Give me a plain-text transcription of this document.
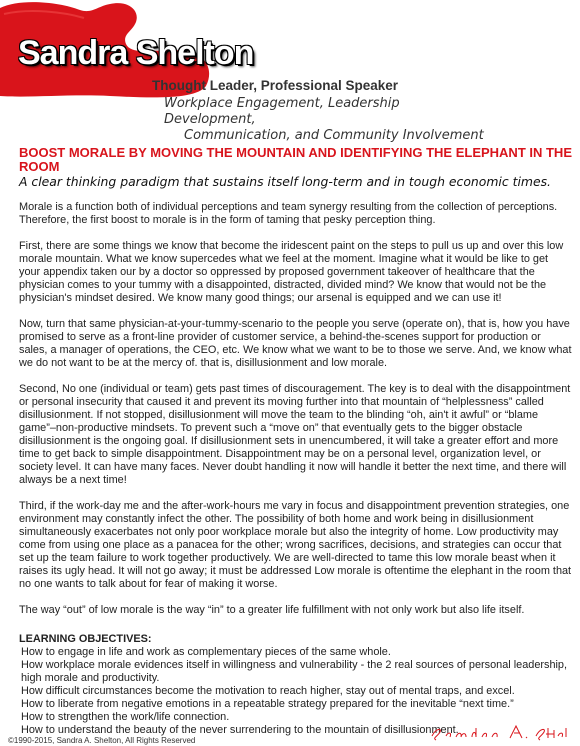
Sandra Shelton
Thought Leader, Professional Speaker
Workplace Engagement, Leadership Development,
Communication, and Community Involvement
BOOST MORALE BY MOVING THE MOUNTAIN AND IDENTIFYING THE ELEPHANT IN THE ROOM

A clear thinking paradigm that sustains itself long-term and in tough economic times.

Morale is a function both of individual perceptions and team synergy resulting from the collection of perceptions. Therefore, the first boost to morale is in the form of taming that pesky perception thing.

First, there are some things we know that become the iridescent paint on the steps to pull us up and over this low morale mountain. What we know supercedes what we feel at the moment. Imagine what it would be like to get your appendix taken our by a doctor so oppressed by proposed government takeover of healthcare that the physician comes to your tummy with a disappointed, distracted, divided mind? We know that would not be the physician's mindset desired. We know many good things; our arsenal is equipped and we can use it!

Now, turn that same physician-at-your-tummy-scenario to the people you serve (operate on), that is, how you have promised to serve as a front-line provider of customer service, a behind-the-scenes support for production or sales, a manager of operations, the CEO, etc. We know what we want to be to those we serve. And, we know what we do not want to be at the mercy of. that is, disillusionment and low morale.

Second, No one (individual or team) gets past times of discouragement. The key is to deal with the disappointment or personal insecurity that caused it and prevent its moving further into that mountain of “helplessness” called disillusionment. If not stopped, disillusionment will move the team to the blinding “oh, ain't it awful” or “blame game”–non-productive mindsets. To prevent such a “move on” that eventually gets to the bigger obstacle disillusionment is the ongoing goal. If disillusionment sets in unencumbered, it will take a greater effort and more time to get back to simple disappointment. Disappointment may be on a personal level, organization level, or society level. It can have many faces. Never doubt handling it now will handle it better the next time, and there will always be a next time!

Third, if the work-day me and the after-work-hours me vary in focus and disappointment prevention strategies, one environment may constantly infect the other. The possibility of both home and work being in disillusionment simultaneously exacerbates not only poor workplace morale but also the integrity of home. Low productivity may come from using one place as a panacea for the other; wrong sacrifices, decisions, and strategies can occur that set up the team failure to work together productively. We are well-directed to tame this low morale beast when it raises its ugly head. It will not go away; it must be addressed Low morale is oftentime the elephant in the room that no one wants to talk about for fear of making it worse.

The way “out” of low morale is the way “in” to a greater life fulfillment with not only work but also life itself.

LEARNING OBJECTIVES:
How to engage in life and work as complementary pieces of the same whole.
How workplace morale evidences itself in willingness and vulnerability - the 2 real sources of personal leadership, high morale and productivity.
How difficult circumstances become the motivation to reach higher, stay out of mental traps, and excel.
How to liberate from negative emotions in a repeatable strategy prepared for the inevitable “next time.”
How to strengthen the work/life connection.
How to understand the beauty of the never surrendering to the mountain of disillusionment.
©1990-2015, Sandra A. Shelton, All Rights Reserved
